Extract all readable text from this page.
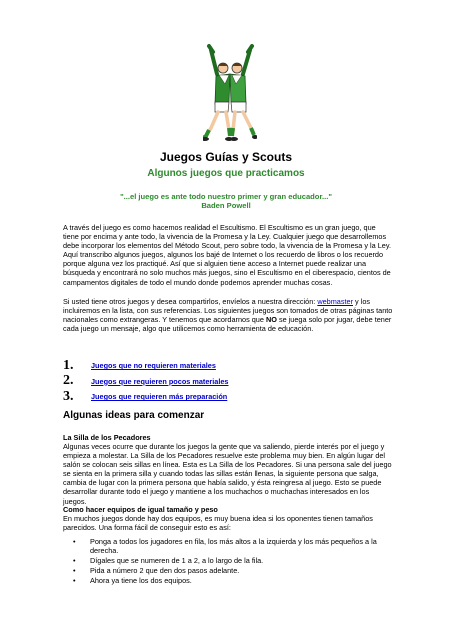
Juegos Guías y Scouts
Algunos juegos que practicamos
"...el juego es ante todo nuestro primer y gran educador..."
Baden Powell

A través del juego es como hacemos realidad el Escultismo. El Escultismo es un gran juego, que tiene por encima y ante todo, la vivencia de la Promesa y la Ley. Cualquier juego que desarrollemos debe incorporar los elementos del Método Scout, pero sobre todo, la vivencia de la Promesa y la Ley. Aquí transcribo algunos juegos, algunos los bajé de Internet o los recuerdo de libros o los recuerdo porque alguna vez los practiqué. Así que si alguien tiene acceso a Internet puede realizar una búsqueda y encontrará no solo muchos más juegos, sino el Escultismo en el ciberespacio, cientos de campamentos digitales de todo el mundo donde podemos aprender muchas cosas.

Si usted tiene otros juegos y desea compartirlos, envíelos a nuestra dirección: webmaster y los incluiremos en la lista, con sus referencias. Los siguientes juegos son tomados de otras páginas tanto nacionales como extrangeras. Y tenemos que acordarnos que NO se juega solo por jugar, debe tener cada juego un mensaje, algo que utilicemos como herramienta de educación.

1.	Juegos que no requieren materiales
2.	Juegos que requieren pocos materiales
3.	Juegos que requieren más preparación
Algunas ideas para comenzar
La Silla de los Pecadores

Algunas veces ocurre que durante los juegos la gente que va saliendo, pierde interés por el juego y empieza a molestar. La Silla de los Pecadores resuelve este problema muy bien. En algún lugar del salón se colocan seis sillas en línea. Esta es La Silla de los Pecadores. Si una persona sale del juego se sienta en la primera silla y cuando todas las sillas están llenas, la siguiente persona que salga, cambia de lugar con la primera persona que había salido, y ésta reingresa al juego. Esto se puede desarrollar durante todo el juego y mantiene a los muchachos o muchachas interesados en los juegos.

Como hacer equipos de igual tamaño y peso

En muchos juegos donde hay dos equipos, es muy buena idea si los oponentes tienen tamaños parecidos. Una forma fácil de conseguir esto es así:

•	Ponga a todos los jugadores en fila, los más altos a la izquierda y los más pequeños a la derecha.
•	Dígales que se numeren de 1 a 2, a lo largo de la fila.
•	Pida a número 2 que den dos pasos adelante.
•	Ahora ya tiene los dos equipos.
